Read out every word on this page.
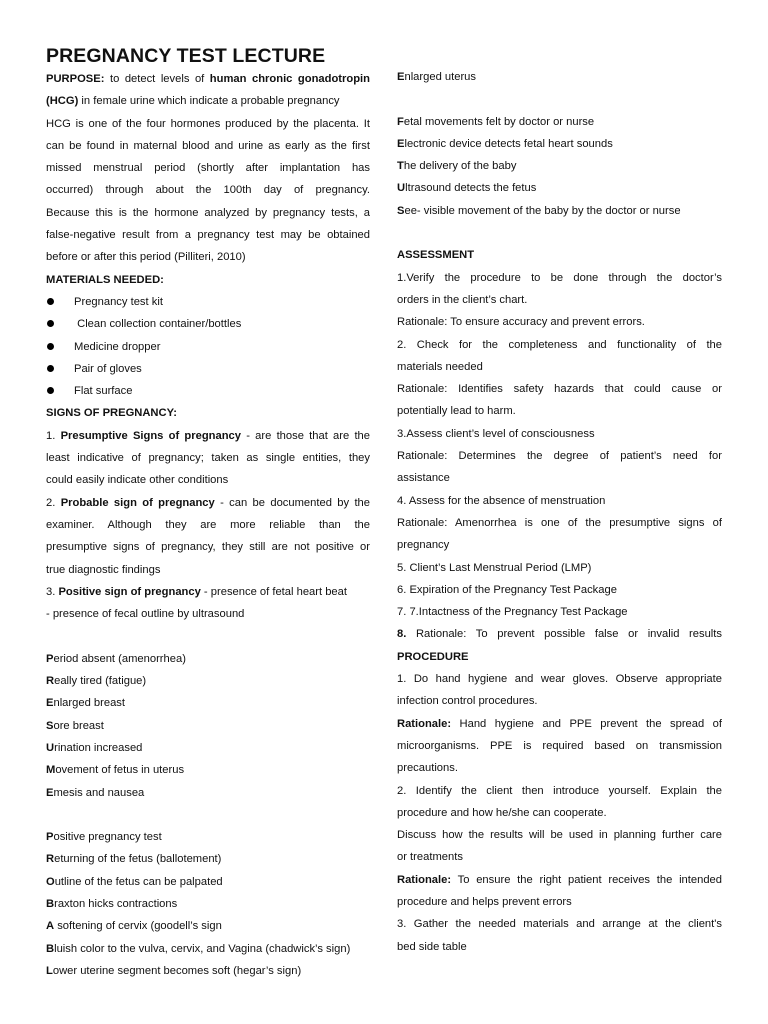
PREGNANCY TEST LECTURE
PURPOSE: to detect levels of human chronic gonadotropin
(HCG) in female urine which indicate a probable pregnancy
HCG is one of the four hormones produced by the placenta. It
can be found in maternal blood and urine as early as the first
missed menstrual period (shortly after implantation has
occurred) through about the 100th day of pregnancy.
Because this is the hormone analyzed by pregnancy tests, a
false-negative result from a pregnancy test may be obtained
before or after this period (Pilliteri, 2010)
MATERIALS NEEDED:
Pregnancy test kit
Clean collection container/bottles
Medicine dropper
Pair of gloves
Flat surface
SIGNS OF PREGNANCY:
1. Presumptive Signs of pregnancy - are those that are the
least indicative of pregnancy; taken as single entities, they
could easily indicate other conditions
2. Probable sign of pregnancy - can be documented by the
examiner. Although they are more reliable than the
presumptive signs of pregnancy, they still are not positive or
true diagnostic findings
3. Positive sign of pregnancy - presence of fetal heart beat
- presence of fecal outline by ultrasound
Period absent (amenorrhea)
Really tired (fatigue)
Enlarged breast
Sore breast
Urination increased
Movement of fetus in uterus
Emesis and nausea
Positive pregnancy test
Returning of the fetus (ballotement)
Outline of the fetus can be palpated
Braxton hicks contractions
A softening of cervix (goodell’s sign
Bluish color to the vulva, cervix, and Vagina (chadwick’s sign)
Lower uterine segment becomes soft (hegar’s sign)
Enlarged uterus
Fetal movements felt by doctor or nurse
Electronic device detects fetal heart sounds
The delivery of the baby
Ultrasound detects the fetus
See- visible movement of the baby by the doctor or nurse
ASSESSMENT
1.Verify the procedure to be done through the doctor’s
orders in the client’s chart.
Rationale: To ensure accuracy and prevent errors.
2. Check for the completeness and functionality of the
materials needed
Rationale: Identifies safety hazards that could cause or
potentially lead to harm.
3.Assess client’s level of consciousness
Rationale: Determines the degree of patient’s need for
assistance
4. Assess for the absence of menstruation
Rationale: Amenorrhea is one of the presumptive signs of
pregnancy
5. Client’s Last Menstrual Period (LMP)
6. Expiration of the Pregnancy Test Package
7. 7.Intactness of the Pregnancy Test Package
8. Rationale: To prevent possible false or invalid results
PROCEDURE
1. Do hand hygiene and wear gloves. Observe appropriate
infection control procedures.
Rationale: Hand hygiene and PPE prevent the spread of
microorganisms. PPE is required based on transmission
precautions.
2. Identify the client then introduce yourself. Explain the
procedure and how he/she can cooperate.
Discuss how the results will be used in planning further care
or treatments
Rationale: To ensure the right patient receives the intended
procedure and helps prevent errors
3. Gather the needed materials and arrange at the client's
bed side table
